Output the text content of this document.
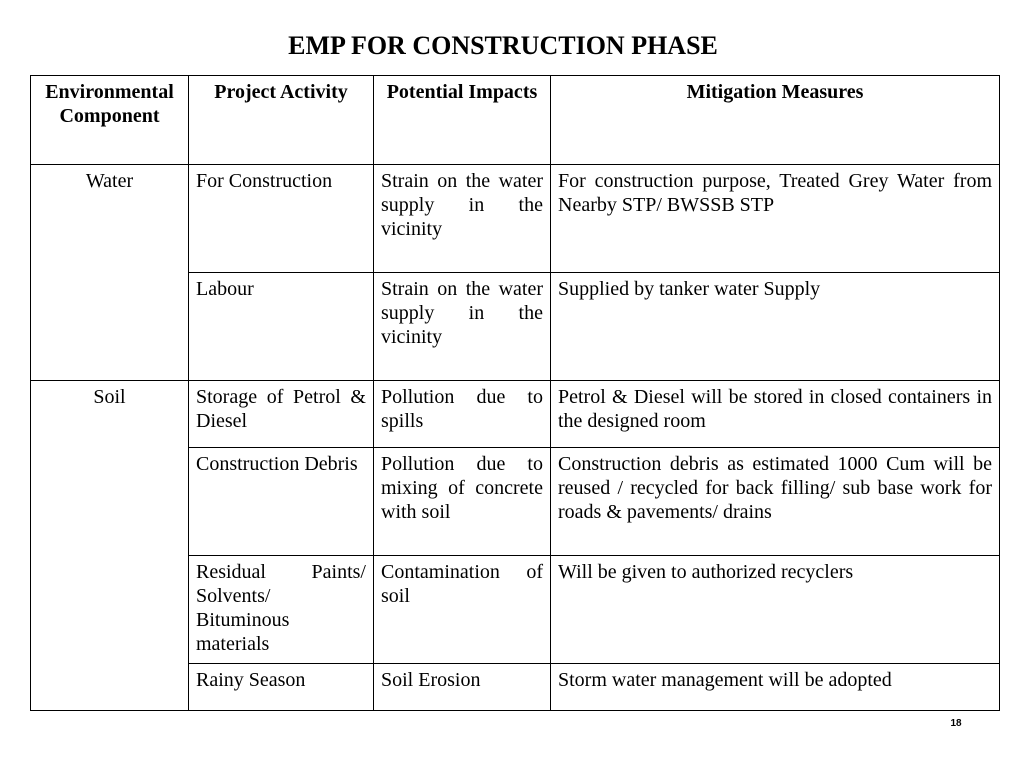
EMP FOR CONSTRUCTION PHASE
Environmental Component	Project Activity	Potential Impacts	Mitigation Measures
Water	For Construction	Strain on the water supply in the vicinity	For construction purpose, Treated Grey Water from Nearby STP/ BWSSB STP
	Labour	Strain on the water supply in the vicinity	Supplied by tanker water Supply
Soil	Storage of Petrol & Diesel	Pollution due to spills	Petrol & Diesel will be stored in closed containers in the designed room
	Construction Debris	Pollution due to mixing of concrete with soil	Construction debris as estimated 1000 Cum will be reused / recycled for back filling/ sub base work for roads & pavements/ drains
	Residual Paints/ Solvents/ Bituminous materials	Contamination of soil	Will be given to authorized recyclers
	Rainy Season	Soil Erosion	Storm water management will be adopted
18
